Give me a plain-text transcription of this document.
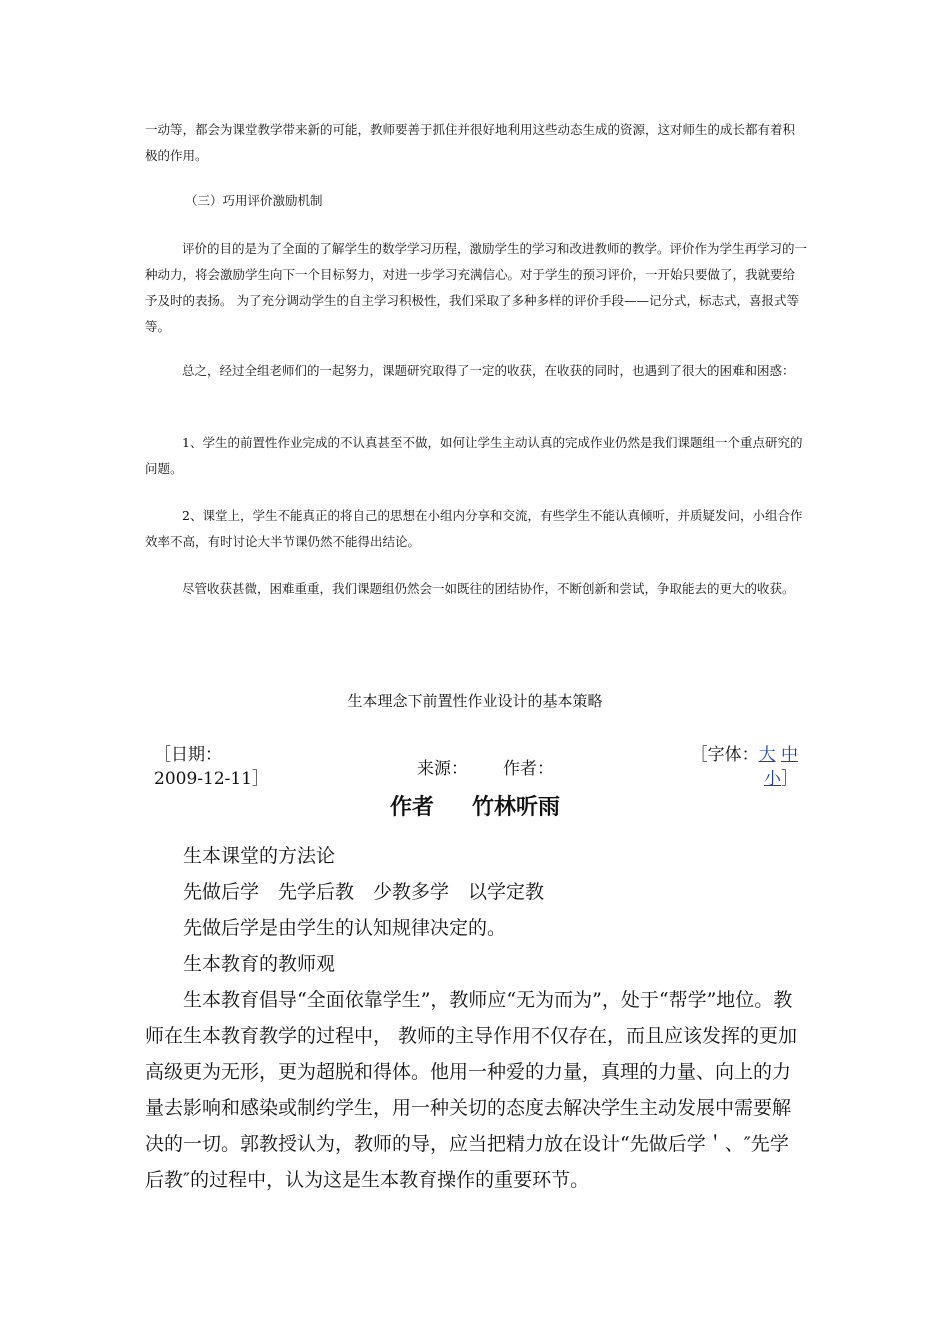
一动等，都会为课堂教学带来新的可能，教师要善于抓住并很好地利用这些动态生成的资源，这对师生的成长都有着积极的作用。

（三）巧用评价激励机制

评价的目的是为了全面的了解学生的数学学习历程，激励学生的学习和改进教师的教学。评价作为学生再学习的一种动力，将会激励学生向下一个目标努力，对进一步学习充满信心。对于学生的预习评价，一开始只要做了，我就要给予及时的表扬。 为了充分调动学生的自主学习积极性，我们采取了多种多样的评价手段——记分式，标志式，喜报式等等。

总之，经过全组老师们的一起努力，课题研究取得了一定的收获，在收获的同时，也遇到了很大的困难和困惑：

1、学生的前置性作业完成的不认真甚至不做，如何让学生主动认真的完成作业仍然是我们课题组一个重点研究的问题。

2、课堂上，学生不能真正的将自己的思想在小组内分享和交流，有些学生不能认真倾听，并质疑发问，小组合作效率不高，有时讨论大半节课仍然不能得出结论。

尽管收获甚微，困难重重，我们课题组仍然会一如既往的团结协作，不断创新和尝试，争取能去的更大的收获。

生本理念下前置性作业设计的基本策略
［日期：
2009-12-11］	来源： 作者：
［字体：大 中
小］
作者 竹林听雨

生本课堂的方法论

先做后学　先学后教　少教多学　以学定教

先做后学是由学生的认知规律决定的。

生本教育的教师观

生本教育倡导“全面依靠学生”，教师应“无为而为”，处于“帮学”地位。教师在生本教育教学的过程中， 教师的主导作用不仅存在，而且应该发挥的更加高级更为无形，更为超脱和得体。他用一种爱的力量，真理的力量、向上的力量去影响和感染或制约学生，用一种关切的态度去解决学生主动发展中需要解决的一切。郭教授认为，教师的导，应当把精力放在设计“先做后学＇、″先学后教″的过程中，认为这是生本教育操作的重要环节。
